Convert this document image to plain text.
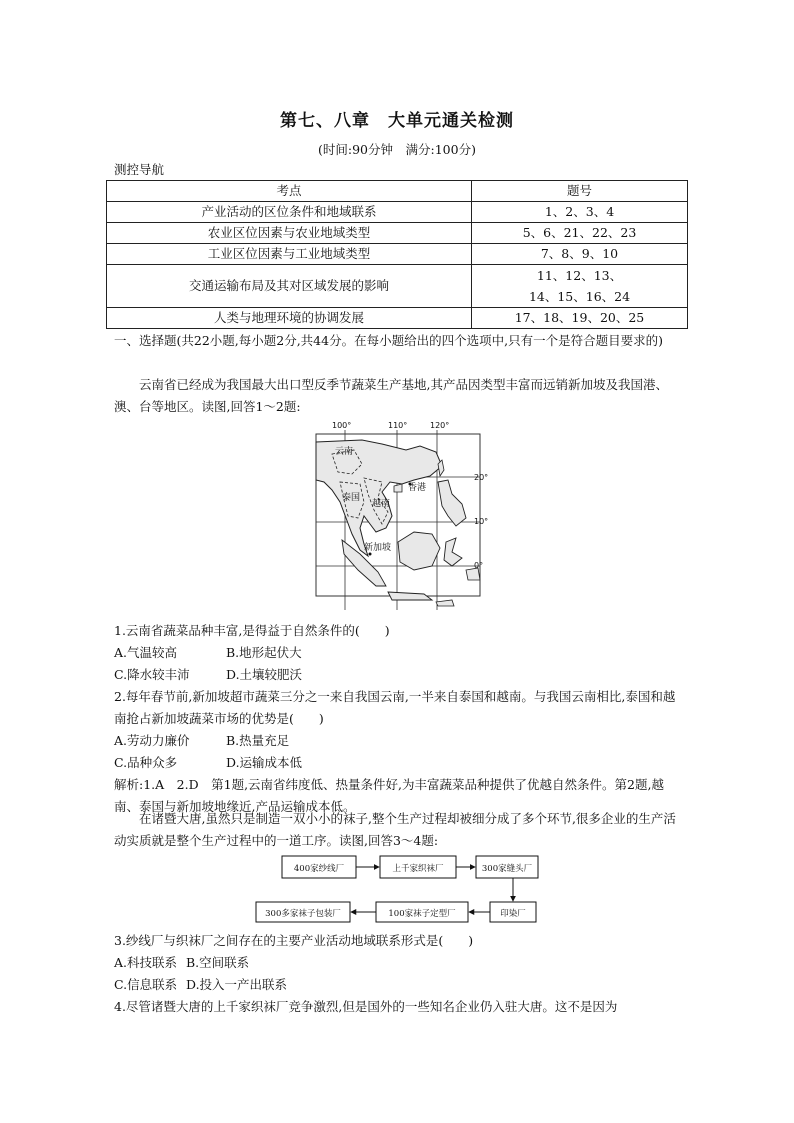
第七、八章　大单元通关检测
(时间:90分钟　满分:100分)
测控导航
考点	题号
产业活动的区位条件和地域联系	1、2、3、4
农业区位因素与农业地域类型	5、6、21、22、23
工业区位因素与工业地域类型	7、8、9、10
交通运输布局及其对区域发展的影响	11、12、13、
14、15、16、24

人类与地理环境的协调发展	17、18、19、20、25
一、选择题(共22小题,每小题2分,共44分。在每小题给出的四个选项中,只有一个是符合题目要求的)
云南省已经成为我国最大出口型反季节蔬菜生产基地,其产品因类型丰富而远销新加坡及我国港、澳、台等地区。读图,回答1～2题:
100°	110°	120°
20°
10°
0°
云南
泰国
越南
香港
新加坡
1.云南省蔬菜品种丰富,是得益于自然条件的(　　)
A.气温较高	B.地形起伏大
C.降水较丰沛	D.土壤较肥沃
2.每年春节前,新加坡超市蔬菜三分之一来自我国云南,一半来自泰国和越南。与我国云南相比,泰国和越南抢占新加坡蔬菜市场的优势是(　　)
A.劳动力廉价	B.热量充足
C.品种众多	D.运输成本低
解析:1.A　2.D　第1题,云南省纬度低、热量条件好,为丰富蔬菜品种提供了优越自然条件。第2题,越南、泰国与新加坡地缘近,产品运输成本低。
在诸暨大唐,虽然只是制造一双小小的袜子,整个生产过程却被细分成了多个环节,很多企业的生产活动实质就是整个生产过程中的一道工序。读图,回答3～4题:
400家纱线厂	上千家织袜厂	300家缝头厂
印染厂
100家袜子定型厂
300多家袜子包装厂
3.纱线厂与织袜厂之间存在的主要产业活动地域联系形式是(　　)
A.科技联系 B.空间联系
C.信息联系 D.投入一产出联系
4.尽管诸暨大唐的上千家织袜厂竞争激烈,但是国外的一些知名企业仍入驻大唐。这不是因为
